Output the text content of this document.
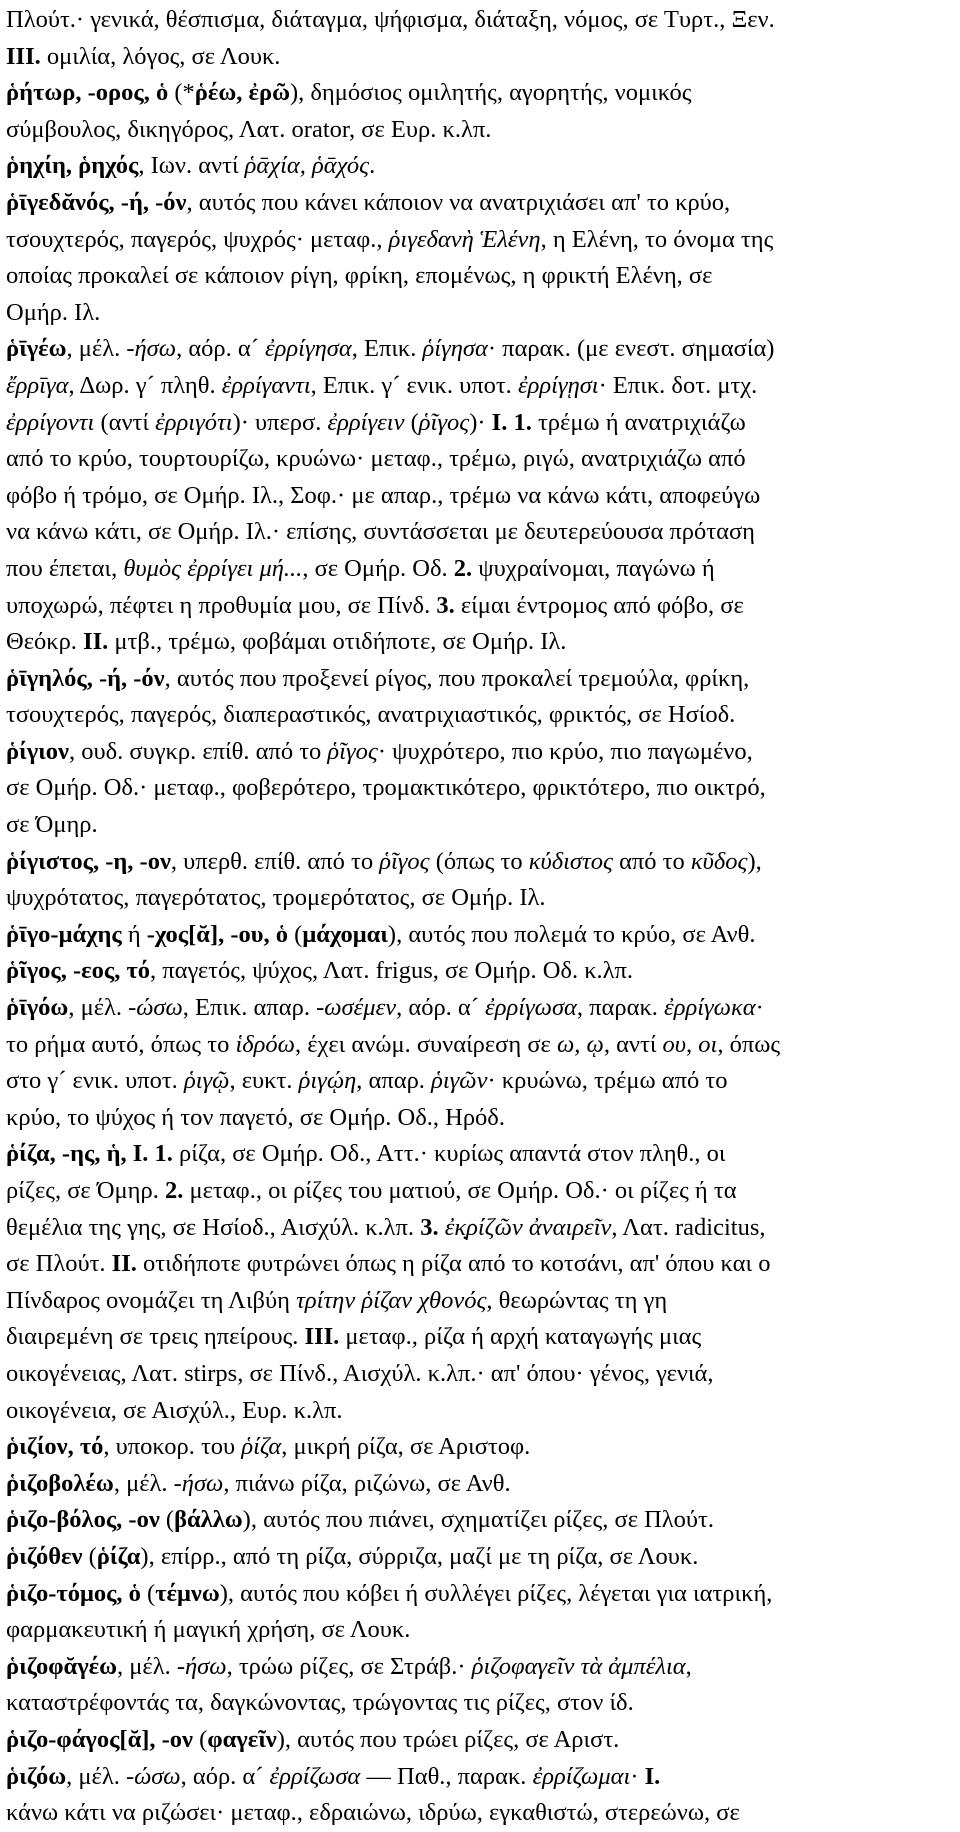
Πλούτ.· γενικά, θέσπισμα, διάταγμα, ψήφισμα, διάταξη, νόμος, σε Τυρτ., Ξεν.
ΙΙΙ. ομιλία, λόγος, σε Λουκ.
ῥήτωρ, -ορος, ὁ (*ῥέω, ἐρῶ), δημόσιος ομιλητής, αγορητής, νομικός
σύμβουλος, δικηγόρος, Λατ. orator, σε Ευρ. κ.λπ.
ῥηχίη, ῥηχός, Ιων. αντί ῥᾱχία, ῥᾱχός.
ῥῑγεδᾰνός, -ή, -όν, αυτός που κάνει κάποιον να ανατριχιάσει απ' το κρύο,
τσουχτερός, παγερός, ψυχρός· μεταφ., ῥιγεδανὴ Ἑλένη, η Ελένη, το όνομα της
οποίας προκαλεί σε κάποιον ρίγη, φρίκη, επομένως, η φρικτή Ελένη, σε
Ομήρ. Ιλ.
ῥῑγέω, μέλ. -ήσω, αόρ. α´ ἐρρίγησα, Επικ. ῥίγησα· παρακ. (με ενεστ. σημασία)
ἔρρῑγα, Δωρ. γ´ πληθ. ἐρρίγαντι, Επικ. γ´ ενικ. υποτ. ἐρρίγῃσι· Επικ. δοτ. μτχ.
ἐρρίγοντι (αντί ἐρριγότι)· υπερσ. ἐρρίγειν (ῥῖγος)· I. 1. τρέμω ή ανατριχιάζω
από το κρύο, τουρτουρίζω, κρυώνω· μεταφ., τρέμω, ριγώ, ανατριχιάζω από
φόβο ή τρόμο, σε Ομήρ. Ιλ., Σοφ.· με απαρ., τρέμω να κάνω κάτι, αποφεύγω
να κάνω κάτι, σε Ομήρ. Ιλ.· επίσης, συντάσσεται με δευτερεύουσα πρόταση
που έπεται, θυμὸς ἐρρίγει μή..., σε Ομήρ. Οδ. 2. ψυχραίνομαι, παγώνω ή
υποχωρώ, πέφτει η προθυμία μου, σε Πίνδ. 3. είμαι έντρομος από φόβο, σε
Θεόκρ. II. μτβ., τρέμω, φοβάμαι οτιδήποτε, σε Ομήρ. Ιλ.
ῥῑγηλός, -ή, -όν, αυτός που προξενεί ρίγος, που προκαλεί τρεμούλα, φρίκη,
τσουχτερός, παγερός, διαπεραστικός, ανατριχιαστικός, φρικτός, σε Ησίοδ.
ῥίγιον, ουδ. συγκρ. επίθ. από το ῥῖγος· ψυχρότερο, πιο κρύο, πιο παγωμένο,
σε Ομήρ. Οδ.· μεταφ., φοβερότερο, τρομακτικότερο, φρικτότερο, πιο οικτρό,
σε Όμηρ.
ῥίγιστος, -η, -ον, υπερθ. επίθ. από το ῥῖγος (όπως το κύδιστος από το κῦδος),
ψυχρότατος, παγερότατος, τρομερότατος, σε Ομήρ. Ιλ.
ῥῑγο-μάχης ή -χος[ᾰ], -ου, ὁ (μάχομαι), αυτός που πολεμά το κρύο, σε Ανθ.
ῥῖγος, -εος, τό, παγετός, ψύχος, Λατ. frigus, σε Ομήρ. Οδ. κ.λπ.
ῥῑγόω, μέλ. -ώσω, Επικ. απαρ. -ωσέμεν, αόρ. α´ ἐρρίγωσα, παρακ. ἐρρίγωκα·
το ρήμα αυτό, όπως το ἱδρόω, έχει ανώμ. συναίρεση σε ω, ῳ, αντί ου, οι, όπως
στο γ´ ενικ. υποτ. ῥιγῷ, ευκτ. ῥιγῴη, απαρ. ῥιγῶν· κρυώνω, τρέμω από το
κρύο, το ψύχος ή τον παγετό, σε Ομήρ. Οδ., Ηρόδ.
ῥίζα, -ης, ἡ, I. 1. ρίζα, σε Ομήρ. Οδ., Αττ.· κυρίως απαντά στον πληθ., οι
ρίζες, σε Όμηρ. 2. μεταφ., οι ρίζες του ματιού, σε Ομήρ. Οδ.· οι ρίζες ή τα
θεμέλια της γης, σε Ησίοδ., Αισχύλ. κ.λπ. 3. ἐκ̣ρίζῶν ἀναιρεῖν, Λατ. radicitus,
σε Πλούτ. II. οτιδήποτε φυτρώνει όπως η ρίζα από το κοτσάνι, απ' όπου και ο
Πίνδαρος ονομάζει τη Λιβύη τρίτην ῥίζαν χθονός, θεωρώντας τη γη
διαιρεμένη σε τρεις ηπείρους. III. μεταφ., ρίζα ή αρχή καταγωγής μιας
οικογένειας, Λατ. stirps, σε Πίνδ., Αισχύλ. κ.λπ.· απ' όπου· γένος, γενιά,
οικογένεια, σε Αισχύλ., Ευρ. κ.λπ.
ῥιζίον, τό, υποκορ. του ῥίζα, μικρή ρίζα, σε Αριστοφ.
ῥιζοβολέω, μέλ. -ήσω, πιάνω ρίζα, ριζώνω, σε Ανθ.
ῥιζο-βόλος, -ον (βάλλω), αυτός που πιάνει, σχηματίζει ρίζες, σε Πλούτ.
ῥιζόθεν (ῥίζα), επίρρ., από τη ρίζα, σύρριζα, μαζί με τη ρίζα, σε Λουκ.
ῥιζο-τόμος, ὁ (τέμνω), αυτός που κόβει ή συλλέγει ρίζες, λέγεται για ιατρική,
φαρμακευτική ή μαγική χρήση, σε Λουκ.
ῥιζοφᾰγέω, μέλ. -ήσω, τρώω ρίζες, σε Στράβ.· ῥιζοφαγεῖν τὰ ἀμπέλια,
καταστρέφοντάς τα, δαγκώνοντας, τρώγοντας τις ρίζες, στον ίδ.
ῥιζο-φάγος[ᾰ], -ον (φαγεῖν), αυτός που τρώει ρίζες, σε Αριστ.
ῥιζόω, μέλ. -ώσω, αόρ. α´ ἐρρίζωσα — Παθ., παρακ. ἐρρίζωμαι· I.
κάνω κάτι να ριζώσει· μεταφ., εδραιώνω, ιδρύω, εγκαθιστώ, στερεώνω, σε
